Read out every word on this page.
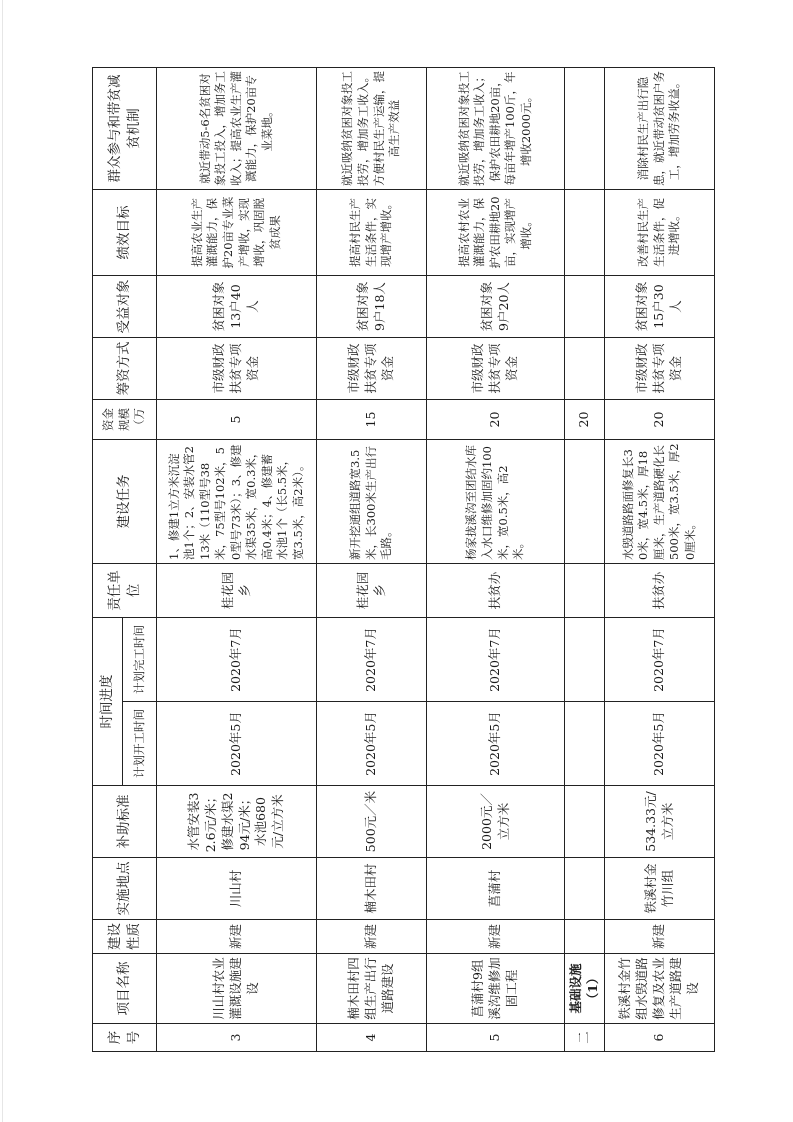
序号	项目名称	建设性质	实施地点	补助标准	时间进度		责任单位	建设任务	资金规模（万	筹资方式	受益对象	绩效目标	群众参与和带贫减贫机制
					计划开工时间	计划完工时间							
3	川山村农业灌溉设施建设	新建	川山村	水管安装32.6元/米；修建水渠294元/米；水池680元/立方米	2020年5月	2020年7月	桂花园乡	1、修建1立方米沉淀池1个；2、安装水管213米（110型号38米，75型号102米，50型号73米）；3、修建水渠35米，宽0.3米，高0.4米；4、修建蓄水池1个（长5.5米，宽3.5米，高2米）。	5	市级财政扶贫专项资金	贫困对象13户40人	提高农业生产灌溉能力，保护20亩专业菜产增收，实现增收，巩固脱贫成果	就近带动5-6名贫困对象投工投入，增加务工收入；提高农业生产灌溉能力，保护20亩专业菜地。
4	楠木田村四组生产出行道路建设	新建	楠木田村	500元／米	2020年5月	2020年7月	桂花园乡	新开挖通组道路宽3.5米，长300米生产出行毛路。	15	市级财政扶贫专项资金	贫困对象9户18人	提高村民生产生活条件，实现增产增收。	就近吸纳贫困对象投工投劳，增加务工收入。方便村民生产运输，提高生产效益
5	菖蒲村9组溪沟维修加固工程	新建	菖蒲村	2000元／立方米	2020年5月	2020年7月	扶贫办	杨家拢溪沟至团结水库入水口维修加固约100米，宽0.5米，高2米。	20	市级财政扶贫专项资金	贫困对象9户20人	提高农村农业灌溉能力，保护农田耕地20亩，实现增产增收。	就近吸纳贫困对象投工投劳，增加务工收入；保护农田耕地20亩，每亩年增产100斤，年增收2000元。
二	基础设施（1）								20				
6	铁溪村金竹组水毁道路修复及农业生产道路建设	新建	铁溪村金竹川组	534.33元/立方米	2020年5月	2020年7月	扶贫办	水毁道路路面修复长30米，宽4.5米，厚18厘米，生产道路硬化长500米，宽3.5米，厚20厘米。	20	市级财政扶贫专项资金	贫困对象15户30人	改善村民生产生活条件，促进增收。	消除村民生产出行隐患，就近带动贫困户务工，增加劳务收益。
